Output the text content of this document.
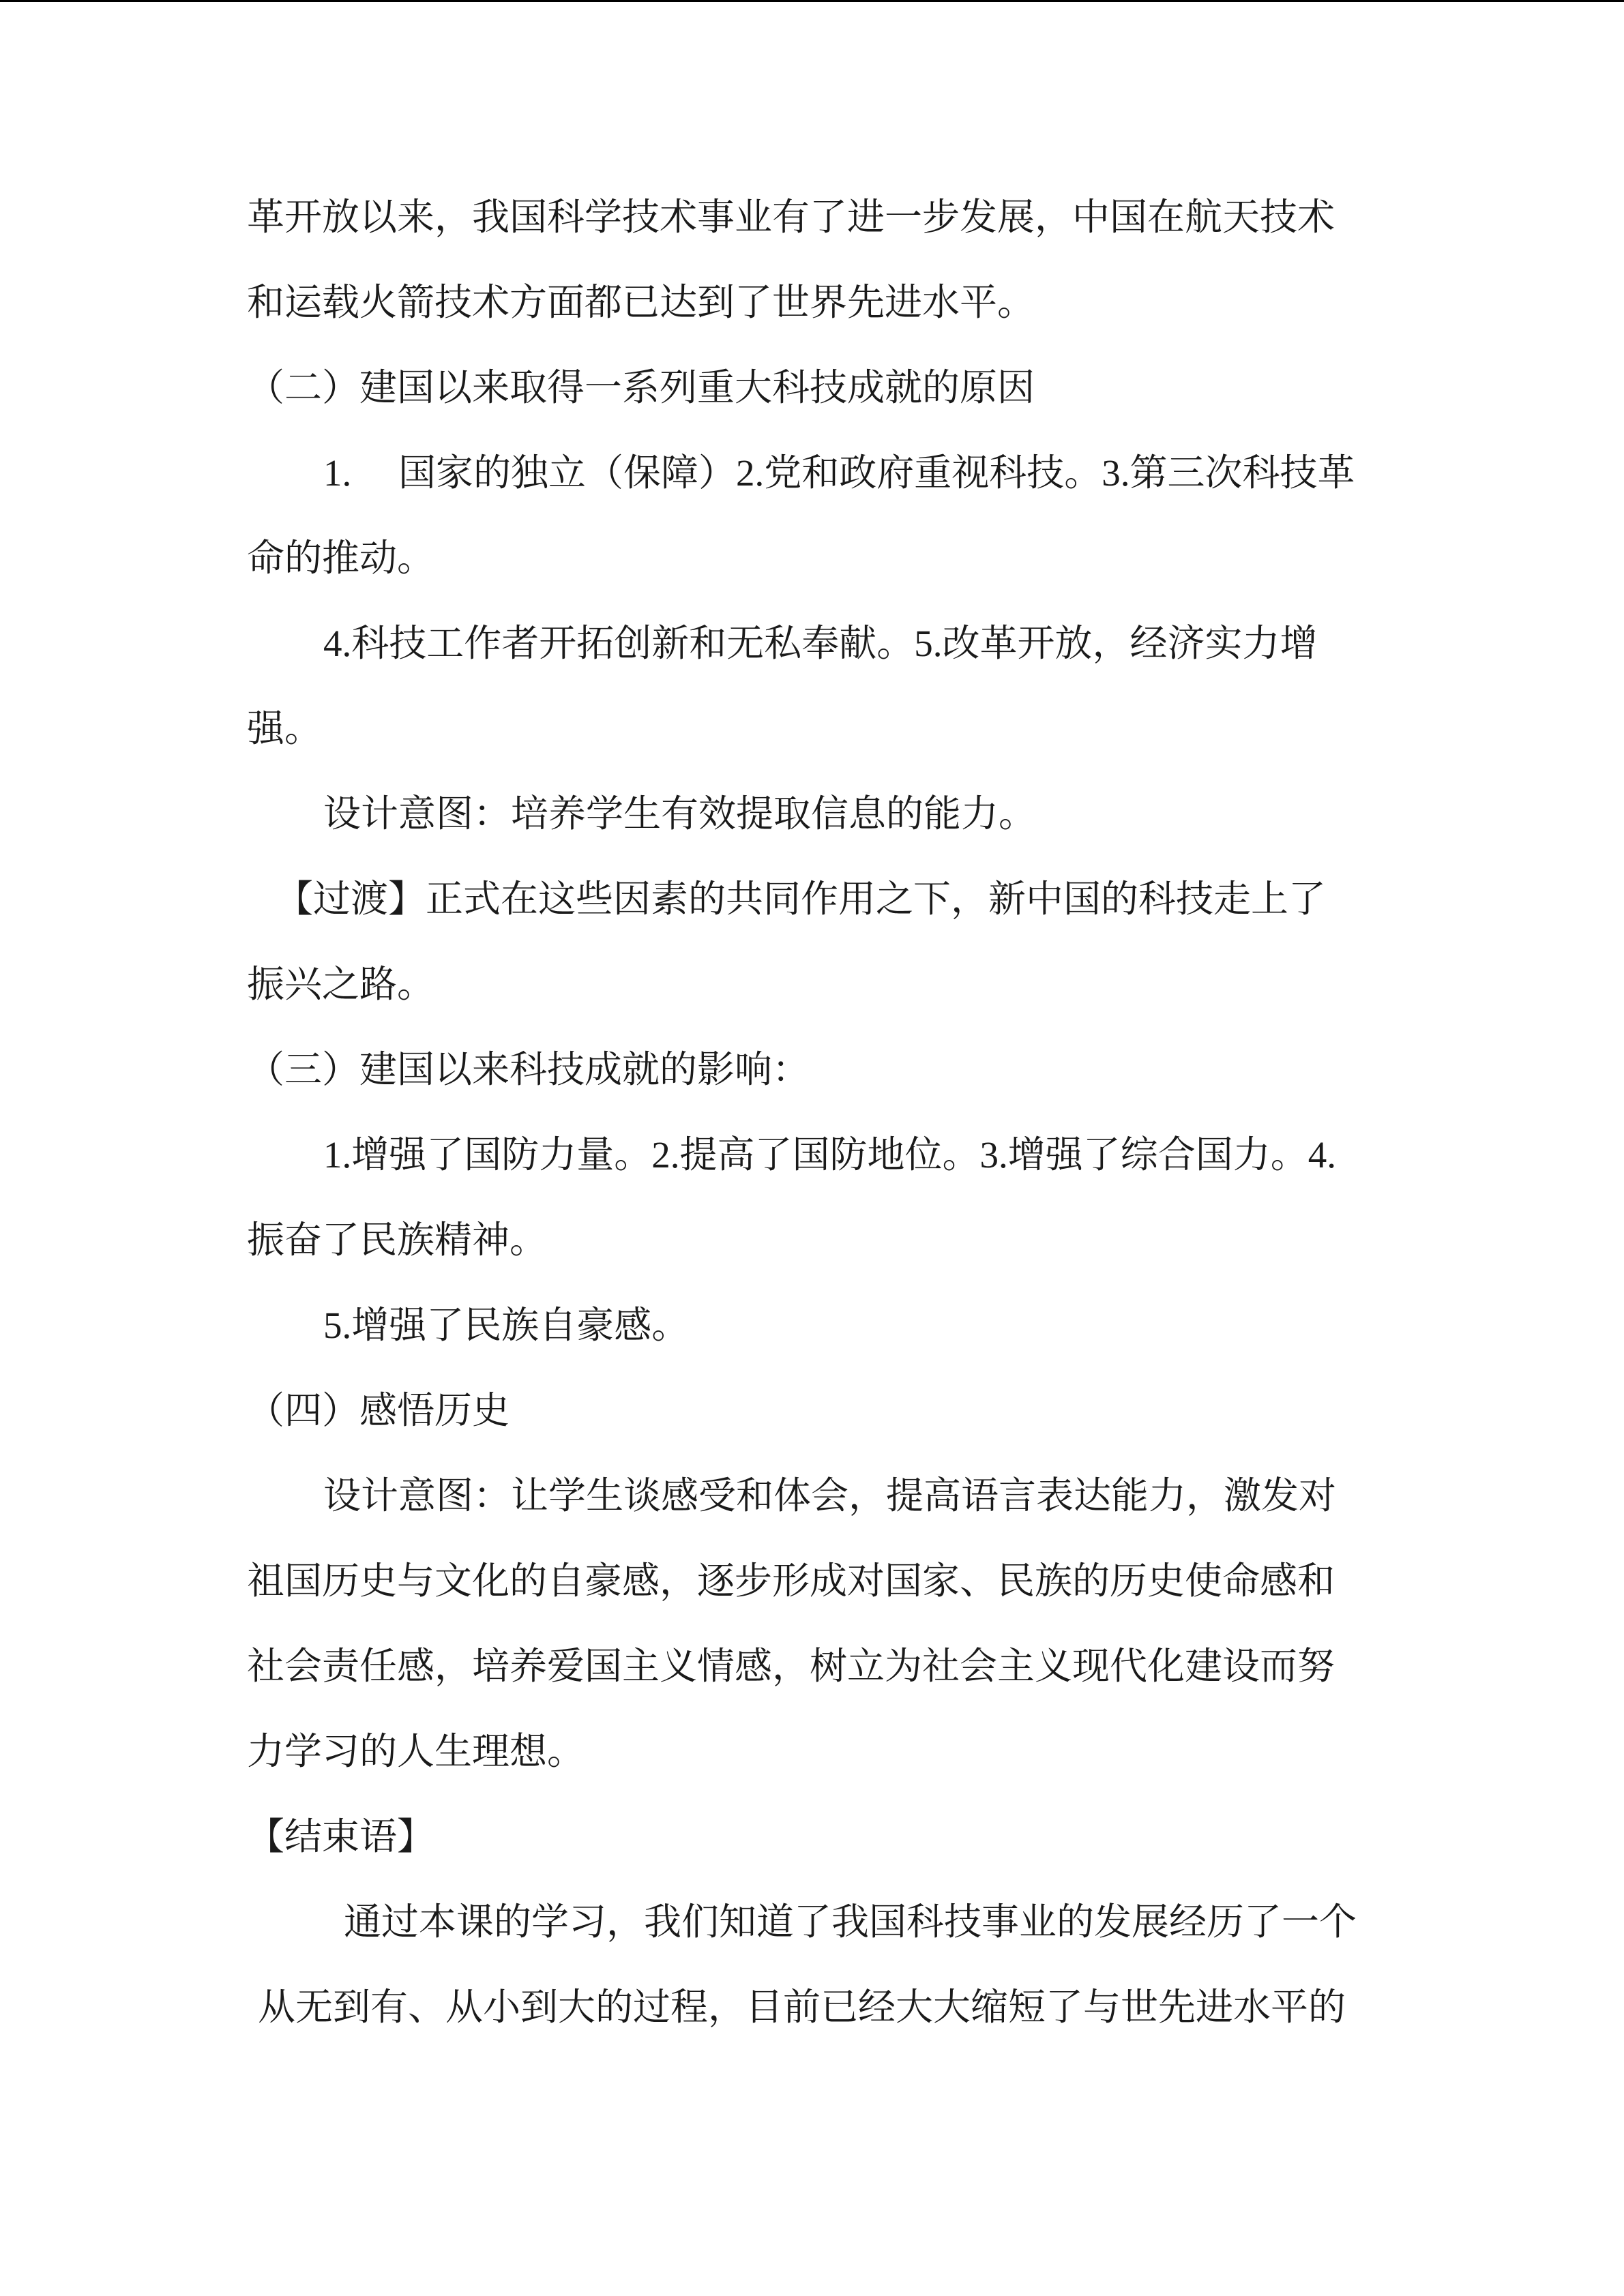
革开放以来，我国科学技术事业有了进一步发展，中国在航天技术
和运载火箭技术方面都已达到了世界先进水平。
（二）建国以来取得一系列重大科技成就的原因
1.　 国家的独立（保障）2.党和政府重视科技。3.第三次科技革
命的推动。
4.科技工作者开拓创新和无私奉献。5.改革开放，经济实力增
强。
设计意图：培养学生有效提取信息的能力。
【过渡】正式在这些因素的共同作用之下，新中国的科技走上了
振兴之路。
（三）建国以来科技成就的影响：
1.增强了国防力量。2.提高了国防地位。3.增强了综合国力。4.
振奋了民族精神。
5.增强了民族自豪感。
（四）感悟历史
设计意图：让学生谈感受和体会，提高语言表达能力，激发对
祖国历史与文化的自豪感，逐步形成对国家、民族的历史使命感和
社会责任感，培养爱国主义情感，树立为社会主义现代化建设而努
力学习的人生理想。
【结束语】
通过本课的学习，我们知道了我国科技事业的发展经历了一个
从无到有、从小到大的过程，目前已经大大缩短了与世先进水平的
